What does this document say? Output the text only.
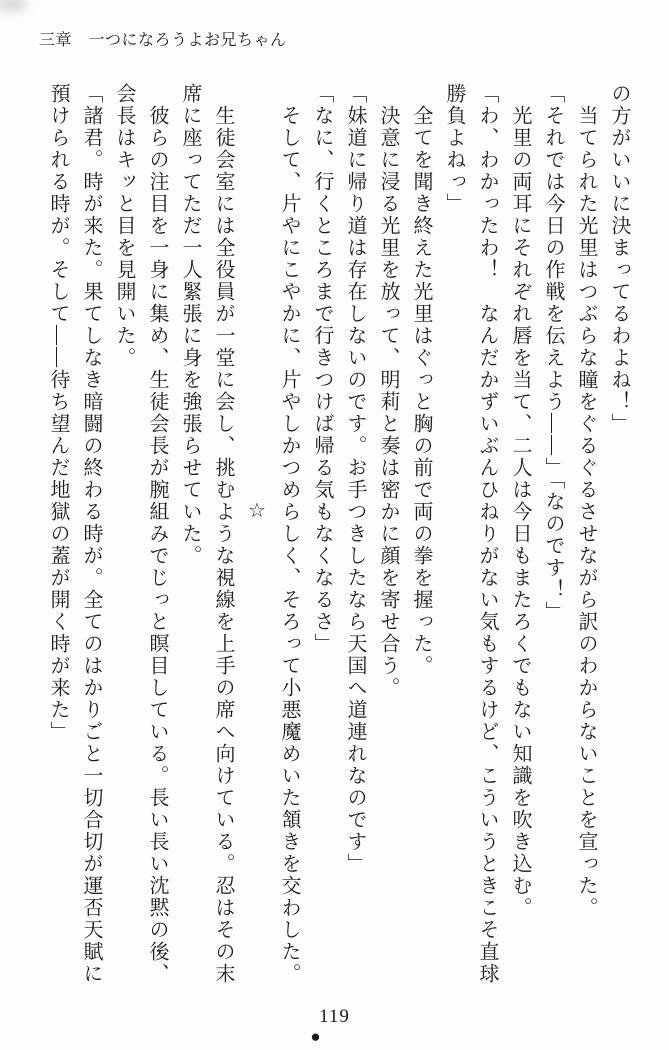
三章　一つになろうよお兄ちゃん

の方がいいに決まってるわよね！」

当てられた光里はつぶらな瞳をぐるぐるさせながら訳のわからないことを宣った。

「それでは今日の作戦を伝えよう――」「なのです！」

光里の両耳にそれぞれ唇を当て、二人は今日もまたろくでもない知識を吹き込む。

「わ、わかったわ！　なんだかずいぶんひねりがない気もするけど、こういうときこそ直球勝負よねっ」

全てを聞き終えた光里はぐっと胸の前で両の拳を握った。

決意に浸る光里を放って、明莉と奏は密かに顔を寄せ合う。

「妹道に帰り道は存在しないのです。お手つきしたなら天国へ道連れなのです」

「なに、行くところまで行きつけば帰る気もなくなるさ」

そして、片やにこやかに、片やしかつめらしく、そろって小悪魔めいた頷きを交わした。

☆

生徒会室には全役員が一堂に会し、挑むような視線を上手の席へ向けている。忍はその末席に座ってただ一人緊張に身を強張らせていた。

彼らの注目を一身に集め、生徒会長が腕組みでじっと瞑目している。長い長い沈黙の後、会長はキッと目を見開いた。

「諸君。時が来た。果てしなき暗闘の終わる時が。全てのはかりごと一切合切が運否天賦に預けられる時が。そして――待ち望んだ地獄の蓋が開く時が来た」

119
●
